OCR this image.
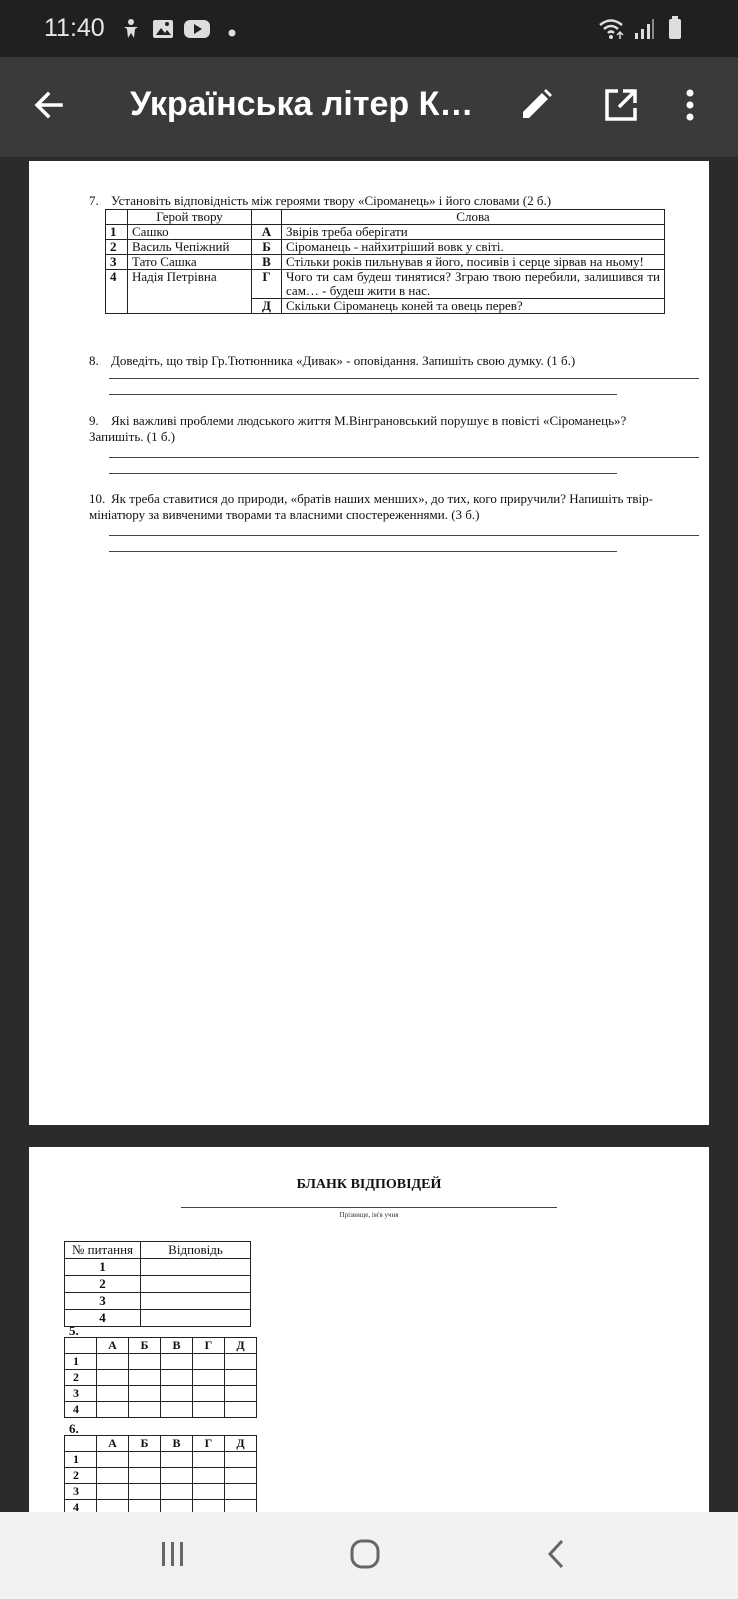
11:40
Українська літер К…
7. Установіть відповідність між героями твору «Сіроманець» і його словами (2 б.)
	Герой твору		Слова
1	Сашко	А	Звірів треба оберігати
2	Василь Чепіжний	Б	Сіроманець - найхитріший вовк у світі.
3	Тато Сашка	В	Стільки років пильнував я його, посивів і серце зірвав на ньому!
4	Надія Петрівна	Г	Чого ти сам будеш тинятися? Зграю твою перебили, залишився ти сам… - будеш жити в нас.
		Д	Скільки Сіроманець коней та овець перев?
8. Доведіть, що твір Гр.Тютюнника «Дивак» - оповідання. Запишіть свою думку. (1 б.)
9. Які важливі проблеми людського життя М.Вінграновський порушує в повісті «Сіроманець»? Запишіть. (1 б.)
10. Як треба ставитися до природи, «братів наших менших», до тих, кого приручили? Напишіть твір-мініатюру за вивченими творами та власними спостереженнями. (3 б.)
БЛАНК ВІДПОВІДЕЙ
Прізвище, ім'я учня
№ питання	Відповідь
1	
2	
3	
4	
5.
	А	Б	В	Г	Д
1					
2					
3					
4					
6.
	А	Б	В	Г	Д
1					
2					
3					
4					
